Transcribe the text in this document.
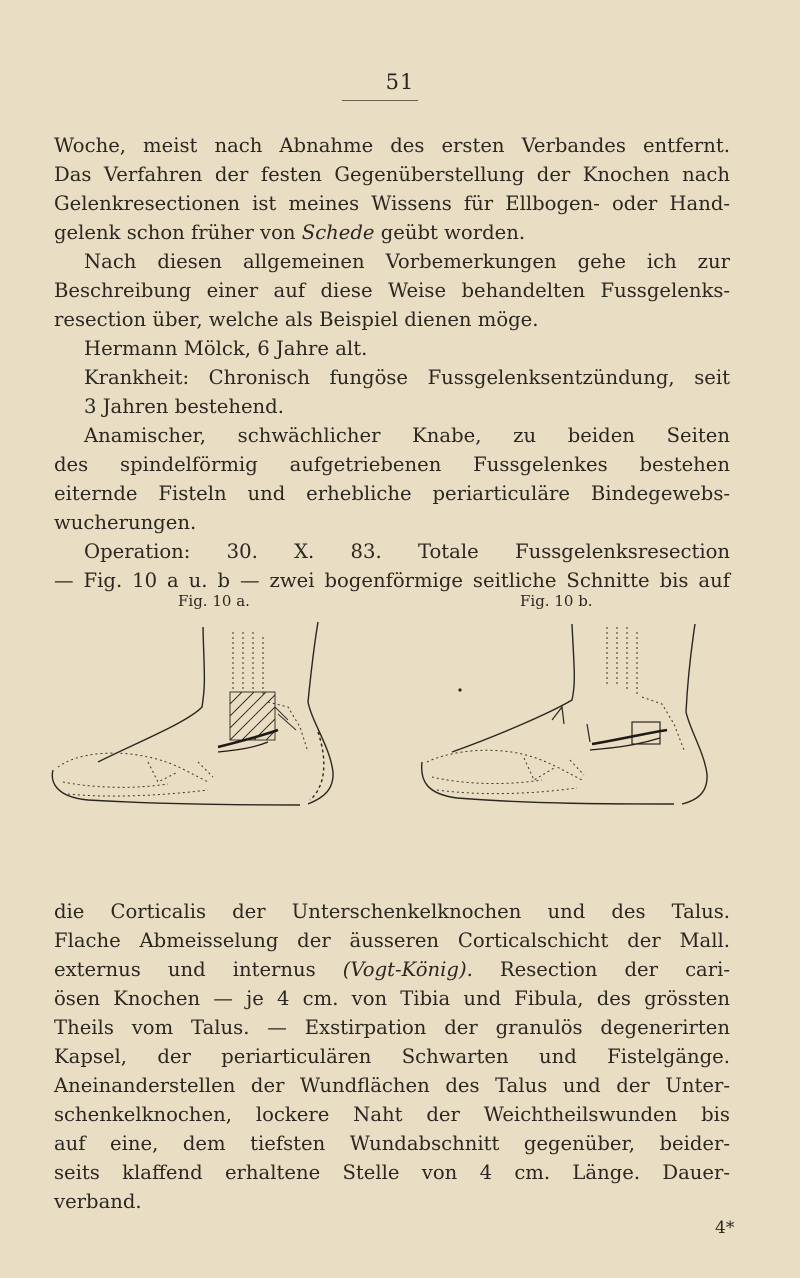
51
Woche, meist nach Abnahme des ersten Verbandes entfernt.
Das Verfahren der festen Gegenüberstellung der Knochen nach
Gelenkresectionen ist meines Wissens für Ellbogen- oder Hand-
gelenk schon früher von Schede geübt worden.
Nach diesen allgemeinen Vorbemerkungen gehe ich zur
Beschreibung einer auf diese Weise behandelten Fussgelenks-
resection über, welche als Beispiel dienen möge.
Hermann Mölck, 6 Jahre alt.
Krankheit: Chronisch fungöse Fussgelenksentzündung, seit
3 Jahren bestehend.
Anamischer, schwächlicher Knabe, zu beiden Seiten
des spindelförmig aufgetriebenen Fussgelenkes bestehen
eiternde Fisteln und erhebliche periarticuläre Bindegewebs-
wucherungen.
Operation: 30. X. 83. Totale Fussgelenksresection
— Fig. 10 a u. b — zwei bogenförmige seitliche Schnitte bis auf
Fig. 10 a.	Fig. 10 b.
die Corticalis der Unterschenkelknochen und des Talus.
Flache Abmeisselung der äusseren Corticalschicht der Mall.
externus und internus (Vogt-König). Resection der cari-
ösen Knochen — je 4 cm. von Tibia und Fibula, des grössten
Theils vom Talus. — Exstirpation der granulös degenerirten
Kapsel, der periarticulären Schwarten und Fistelgänge.
Aneinanderstellen der Wundflächen des Talus und der Unter-
schenkelknochen, lockere Naht der Weichtheilswunden bis
auf eine, dem tiefsten Wundabschnitt gegenüber, beider-
seits klaffend erhaltene Stelle von 4 cm. Länge. Dauer-
verband.
4*
